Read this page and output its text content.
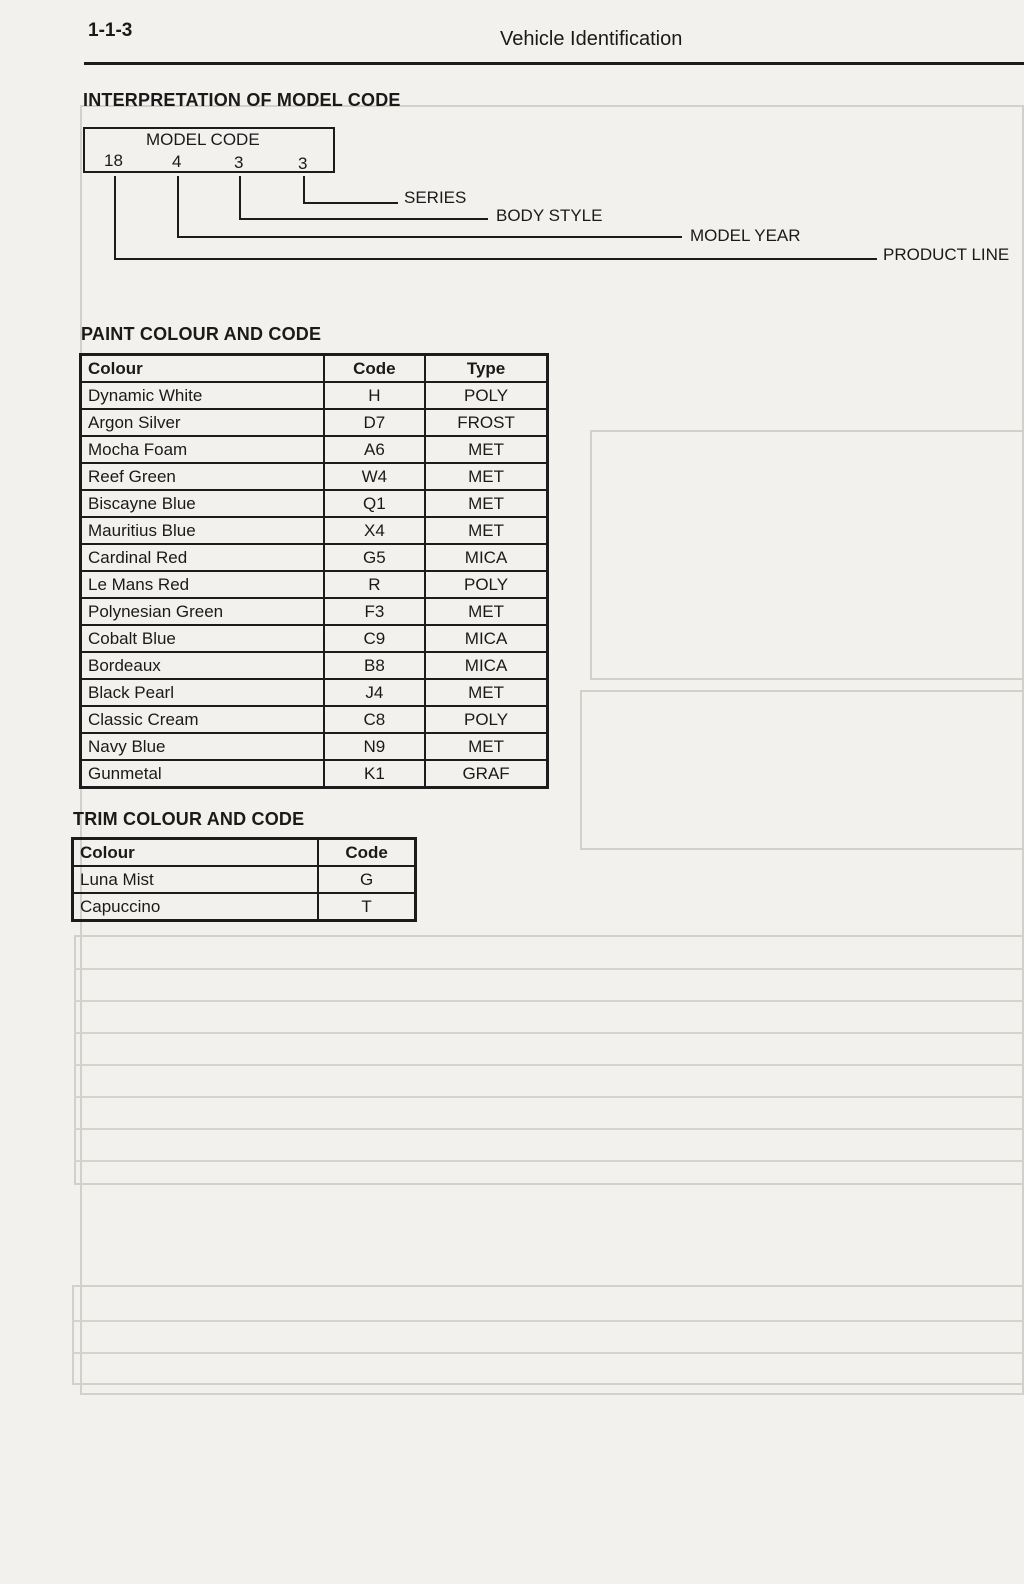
1-1-3	Vehicle Identification
INTERPRETATION OF MODEL CODE
MODEL CODE
18	4	3	3
SERIES
BODY STYLE
MODEL YEAR
PRODUCT LINE
PAINT COLOUR AND CODE
Colour	Code	Type
Dynamic White	H	POLY
Argon Silver	D7	FROST
Mocha Foam	A6	MET
Reef Green	W4	MET
Biscayne Blue	Q1	MET
Mauritius Blue	X4	MET
Cardinal Red	G5	MICA
Le Mans Red	R	POLY
Polynesian Green	F3	MET
Cobalt Blue	C9	MICA
Bordeaux	B8	MICA
Black Pearl	J4	MET
Classic Cream	C8	POLY
Navy Blue	N9	MET
Gunmetal	K1	GRAF
TRIM COLOUR AND CODE
Colour	Code
Luna Mist	G
Capuccino	T
